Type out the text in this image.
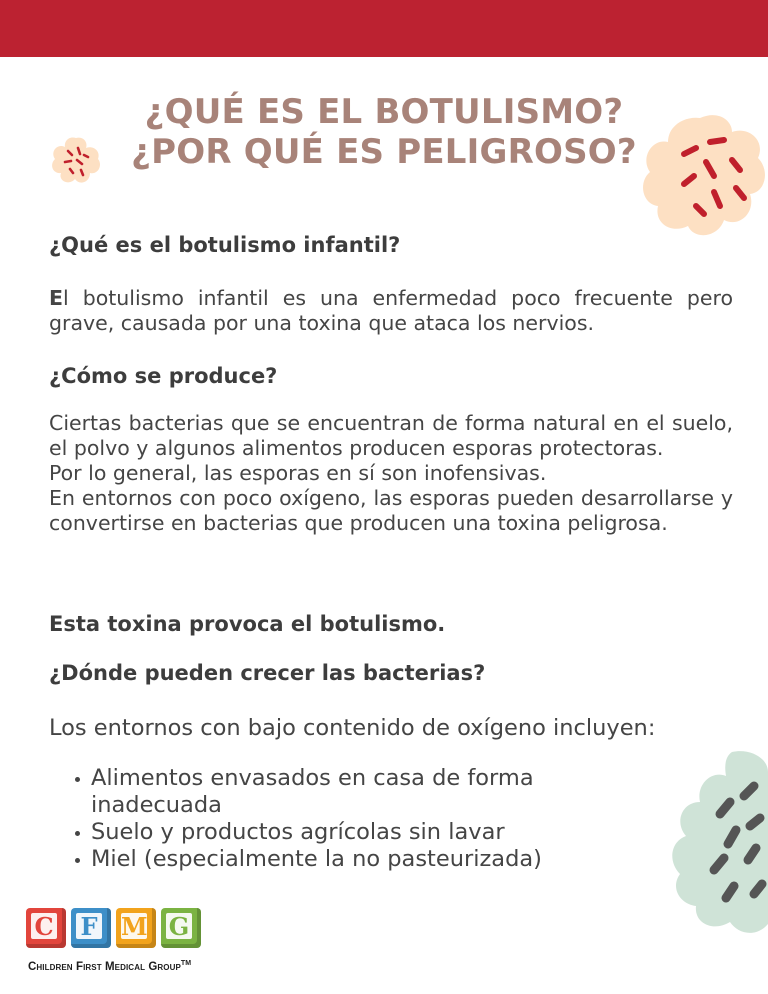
¿QUÉ ES EL BOTULISMO?
¿POR QUÉ ES PELIGROSO?
¿Qué es el botulismo infantil?

El botulismo infantil es una enfermedad poco frecuente pero grave, causada por una toxina que ataca los nervios.

¿Cómo se produce?

Ciertas bacterias que se encuentran de forma natural en el suelo, el polvo y algunos alimentos producen esporas protectoras.

Por lo general, las esporas en sí son inofensivas.

En entornos con poco oxígeno, las esporas pueden desarrollarse y convertirse en bacterias que producen una toxina peligrosa.

Esta toxina provoca el botulismo.
¿Dónde pueden crecer las bacterias?
Los entornos con bajo contenido de oxígeno incluyen:
Alimentos envasados en casa de forma inadecuada
Suelo y productos agrícolas sin lavar
Miel (especialmente la no pasteurizada)
C F M G
Children First Medical Group™
